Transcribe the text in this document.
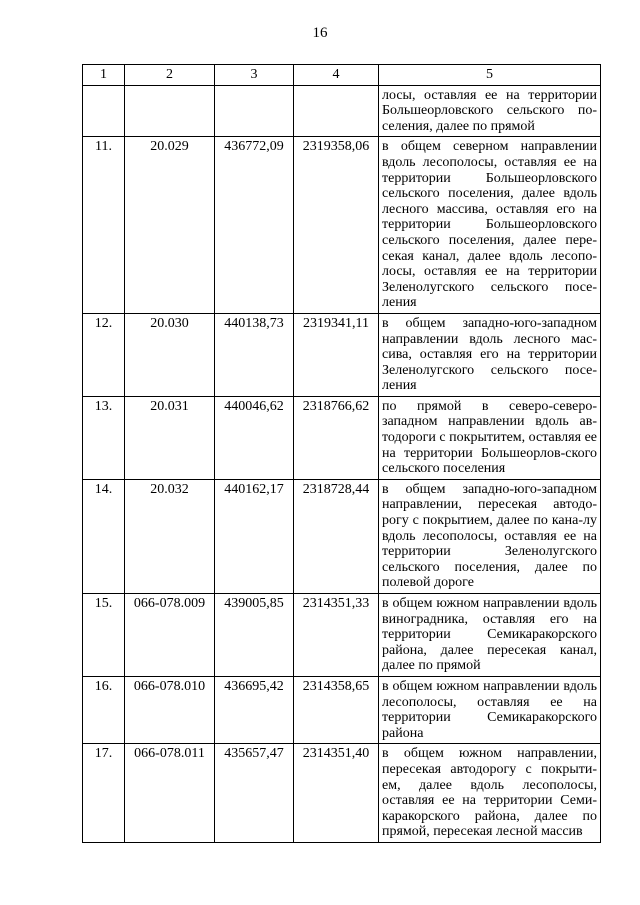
16
1	2	3	4	5
				лосы, оставляя ее на территории Большеорловского сельского по-селения, далее по прямой
11.	20.029	436772,09	2319358,06	в общем северном направлении вдоль лесополосы, оставляя ее на территории Большеорловского сельского поселения, далее вдоль лесного массива, оставляя его на территории Большеорловского сельского поселения, далее пере-секая канал, далее вдоль лесопо-лосы, оставляя ее на территории Зеленолугского сельского посе-ления
12.	20.030	440138,73	2319341,11	в общем западно-юго-западном направлении вдоль лесного мас-сива, оставляя его на территории Зеленолугского сельского посе-ления
13.	20.031	440046,62	2318766,62	по прямой в северо-северо-западном направлении вдоль ав-тодороги с покрытитем, оставляя ее на территории Большеорлов-ского сельского поселения
14.	20.032	440162,17	2318728,44	в общем западно-юго-западном направлении, пересекая автодо-рогу с покрытием, далее по кана-лу вдоль лесополосы, оставляя ее на территории Зеленолугского сельского поселения, далее по полевой дороге
15.	066-078.009	439005,85	2314351,33	в общем южном направлении вдоль виноградника, оставляя его на территории Семикаракорского района, далее пересекая канал, далее по прямой
16.	066-078.010	436695,42	2314358,65	в общем южном направлении вдоль лесополосы, оставляя ее на территории Семикаракорского района
17.	066-078.011	435657,47	2314351,40	в общем южном направлении, пересекая автодорогу с покрыти-ем, далее вдоль лесополосы, оставляя ее на территории Семи-каракорского района, далее по прямой, пересекая лесной массив
